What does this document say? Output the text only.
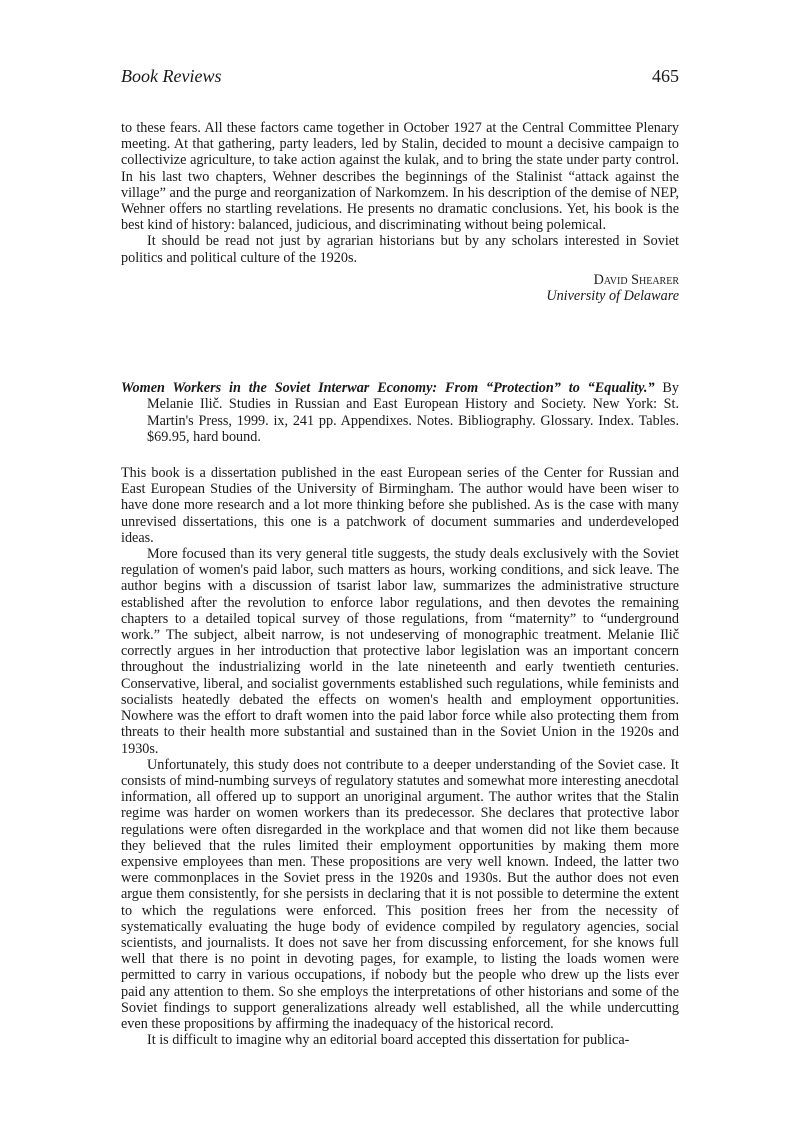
Book Reviews	465

to these fears. All these factors came together in October 1927 at the Central Committee Plenary meeting. At that gathering, party leaders, led by Stalin, decided to mount a decisive campaign to collectivize agriculture, to take action against the kulak, and to bring the state under party control. In his last two chapters, Wehner describes the beginnings of the Stalinist “attack against the village” and the purge and reorganization of Narkomzem. In his description of the demise of NEP, Wehner offers no startling revelations. He presents no dramatic conclusions. Yet, his book is the best kind of history: balanced, judicious, and discriminating without being polemical.

It should be read not just by agrarian historians but by any scholars interested in Soviet politics and political culture of the 1920s.

David Shearer
University of Delaware

Women Workers in the Soviet Interwar Economy: From “Protection” to “Equality.” By Melanie Ilič. Studies in Russian and East European History and Society. New York: St. Martin's Press, 1999. ix, 241 pp. Appendixes. Notes. Bibliography. Glossary. Index. Tables. $69.95, hard bound.

This book is a dissertation published in the east European series of the Center for Russian and East European Studies of the University of Birmingham. The author would have been wiser to have done more research and a lot more thinking before she published. As is the case with many unrevised dissertations, this one is a patchwork of document summaries and underdeveloped ideas.

More focused than its very general title suggests, the study deals exclusively with the Soviet regulation of women's paid labor, such matters as hours, working conditions, and sick leave. The author begins with a discussion of tsarist labor law, summarizes the administrative structure established after the revolution to enforce labor regulations, and then devotes the remaining chapters to a detailed topical survey of those regulations, from “maternity” to “underground work.” The subject, albeit narrow, is not undeserving of monographic treatment. Melanie Ilič correctly argues in her introduction that protective labor legislation was an important concern throughout the industrializing world in the late nineteenth and early twentieth centuries. Conservative, liberal, and socialist governments established such regulations, while feminists and socialists heatedly debated the effects on women's health and employment opportunities. Nowhere was the effort to draft women into the paid labor force while also protecting them from threats to their health more substantial and sustained than in the Soviet Union in the 1920s and 1930s.

Unfortunately, this study does not contribute to a deeper understanding of the Soviet case. It consists of mind-numbing surveys of regulatory statutes and somewhat more interesting anecdotal information, all offered up to support an unoriginal argument. The author writes that the Stalin regime was harder on women workers than its predecessor. She declares that protective labor regulations were often disregarded in the workplace and that women did not like them because they believed that the rules limited their employment opportunities by making them more expensive employees than men. These propositions are very well known. Indeed, the latter two were commonplaces in the Soviet press in the 1920s and 1930s. But the author does not even argue them consistently, for she persists in declaring that it is not possible to determine the extent to which the regulations were enforced. This position frees her from the necessity of systematically evaluating the huge body of evidence compiled by regulatory agencies, social scientists, and journalists. It does not save her from discussing enforcement, for she knows full well that there is no point in devoting pages, for example, to listing the loads women were permitted to carry in various occupations, if nobody but the people who drew up the lists ever paid any attention to them. So she employs the interpretations of other historians and some of the Soviet findings to support generalizations already well established, all the while undercutting even these propositions by affirming the inadequacy of the historical record.

It is difficult to imagine why an editorial board accepted this dissertation for publica-
